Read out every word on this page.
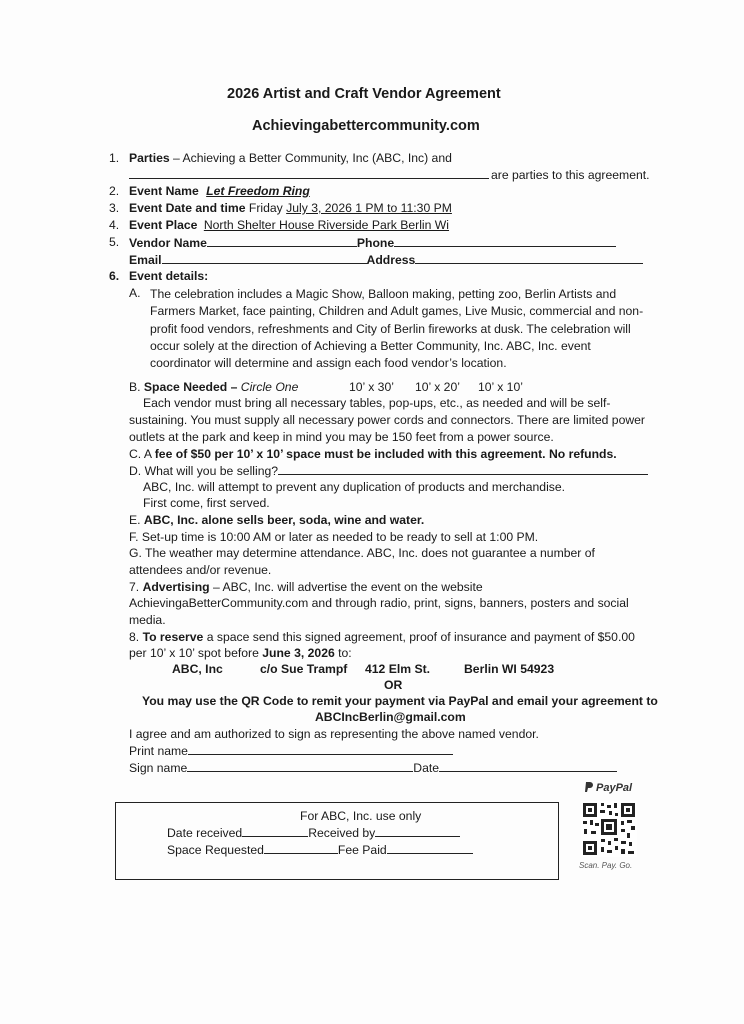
2026 Artist and Craft Vendor Agreement
Achievingabettercommunity.com
1. Parties – Achieving a Better Community, Inc (ABC, Inc) and
are parties to this agreement.
2. Event Name Let Freedom Ring
3. Event Date and time Friday July 3, 2026 1 PM to 11:30 PM
4. Event Place North Shelter House Riverside Park Berlin Wi
5. Vendor Name	Phone
Email	Address
6. Event details:
A. The celebration includes a Magic Show, Balloon making, petting zoo, Berlin Artists and
Farmers Market, face painting, Children and Adult games, Live Music, commercial and non-
profit food vendors, refreshments and City of Berlin fireworks at dusk. The celebration will
occur solely at the direction of Achieving a Better Community, Inc. ABC, Inc. event
coordinator will determine and assign each food vendor’s location.
B. Space Needed – Circle One	10’ x 30’ 10’ x 20’ 10’ x 10’
Each vendor must bring all necessary tables, pop-ups, etc., as needed and will be self-
sustaining. You must supply all necessary power cords and connectors. There are limited power
outlets at the park and keep in mind you may be 150 feet from a power source.
C. A fee of $50 per 10’ x 10’ space must be included with this agreement. No refunds.
D. What will you be selling?
ABC, Inc. will attempt to prevent any duplication of products and merchandise.
First come, first served.
E. ABC, Inc. alone sells beer, soda, wine and water.
F. Set-up time is 10:00 AM or later as needed to be ready to sell at 1:00 PM.
G. The weather may determine attendance. ABC, Inc. does not guarantee a number of
attendees and/or revenue.
7. Advertising – ABC, Inc. will advertise the event on the website
AchievingaBetterCommunity.com and through radio, print, signs, banners, posters and social
media.
8. To reserve a space send this signed agreement, proof of insurance and payment of $50.00
per 10’ x 10’ spot before June 3, 2026 to:
ABC, Inc	c/o Sue Trampf 412 Elm St.	Berlin WI 54923
OR
You may use the QR Code to remit your payment via PayPal and email your agreement to
ABCIncBerlin@gmail.com
I agree and am authorized to sign as representing the above named vendor.
Print name
Sign name	Date
For ABC, Inc. use only
Date received	Received by
Space Requested	Fee Paid
PayPal
Scan. Pay. Go.
